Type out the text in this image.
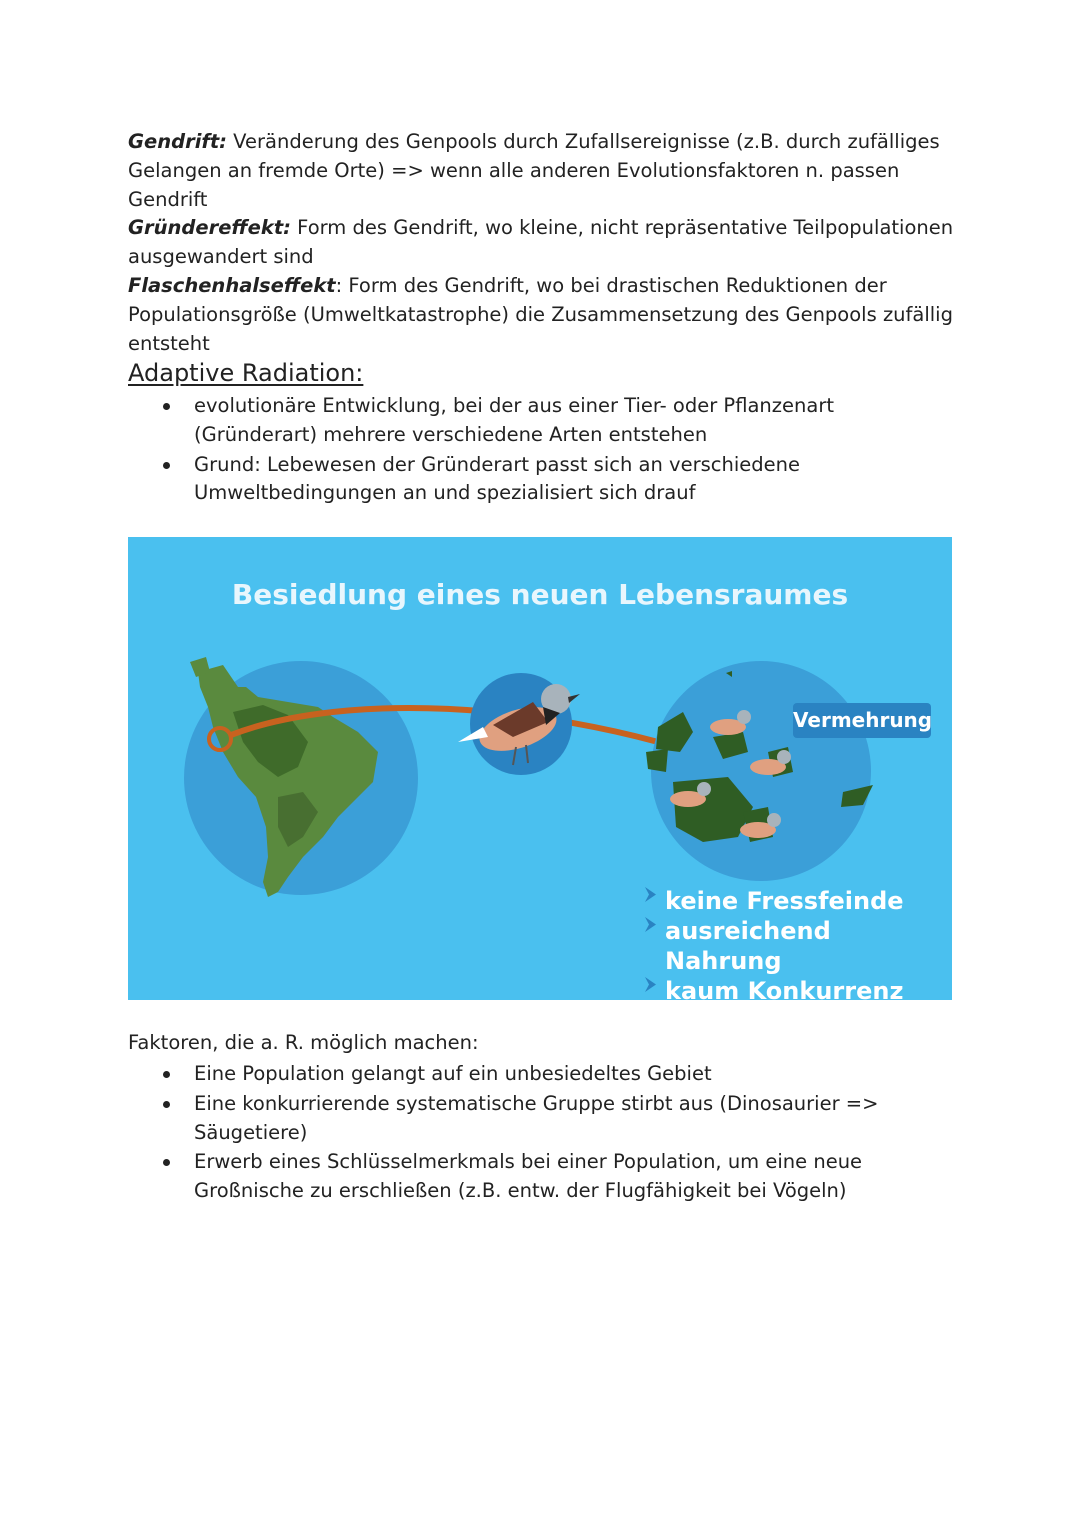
Gendrift: Veränderung des Genpools durch Zufallsereignisse (z.B. durch zufälliges Gelangen an fremde Orte) => wenn alle anderen Evolutionsfaktoren n. passen Gendrift
Gründereffekt: Form des Gendrift, wo kleine, nicht repräsentative Teilpopulationen ausgewandert sind
Flaschenhalseffekt: Form des Gendrift, wo bei drastischen Reduktionen der Populationsgröße (Umweltkatastrophe) die Zusammensetzung des Genpools zufällig entsteht
Adaptive Radiation:
evolutionäre Entwicklung, bei der aus einer Tier- oder Pflanzenart (Gründerart) mehrere verschiedene Arten entstehen
Grund: Lebewesen der Gründerart passt sich an verschiedene Umweltbedingungen an und spezialisiert sich drauf
Besiedlung eines neuen Lebensraumes
Vermehrung
keine Fressfeinde
ausreichend Nahrung
kaum Konkurrenz
Faktoren, die a. R. möglich machen:
Eine Population gelangt auf ein unbesiedeltes Gebiet
Eine konkurrierende systematische Gruppe stirbt aus (Dinosaurier => Säugetiere)
Erwerb eines Schlüsselmerkmals bei einer Population, um eine neue Großnische zu erschließen (z.B. entw. der Flugfähigkeit bei Vögeln)
